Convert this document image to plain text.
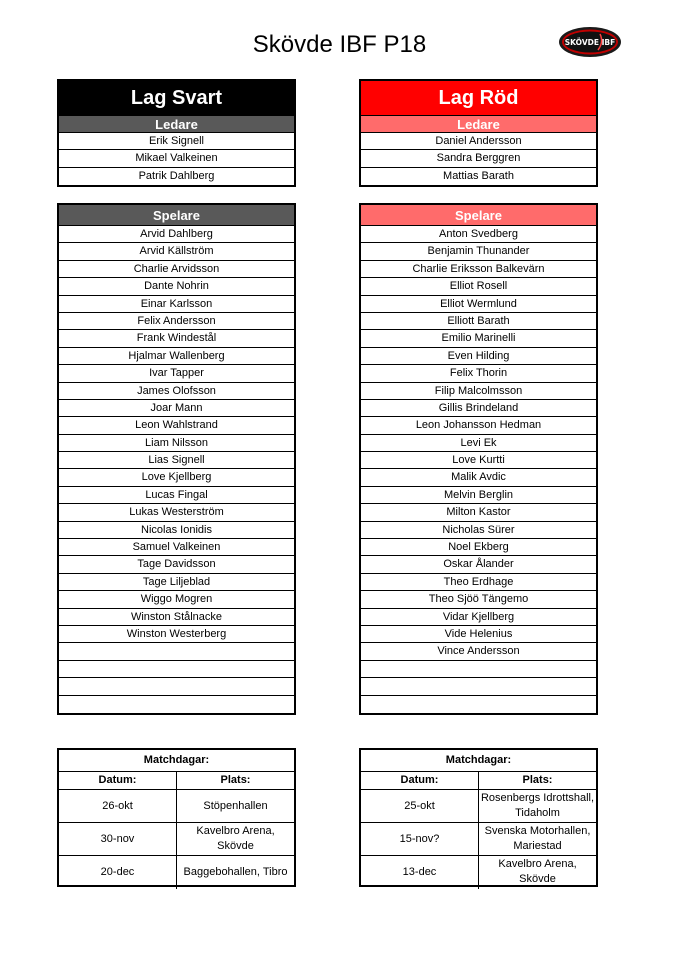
Skövde IBF P18	SKÖVDE IBF
Lag Svart
Ledare
Erik Signell
Mikael Valkeinen
Patrik Dahlberg
Spelare
Arvid Dahlberg
Arvid Källström
Charlie Arvidsson
Dante Nohrin
Einar Karlsson
Felix Andersson
Frank Windestål
Hjalmar Wallenberg
Ivar Tapper
James Olofsson
Joar Mann
Leon Wahlstrand
Liam Nilsson
Lias Signell
Love Kjellberg
Lucas Fingal
Lukas Westerström
Nicolas Ionidis
Samuel Valkeinen
Tage Davidsson
Tage Liljeblad
Wiggo Mogren
Winston Stålnacke
Winston Westerberg
Matchdagar:	
Datum:	Plats:
26-okt	Stöpenhallen
30-nov	Kavelbro Arena, Skövde
20-dec	Baggebohallen, Tibro
Lag Röd
Ledare
Daniel Andersson
Sandra Berggren
Mattias Barath
Spelare
Anton Svedberg
Benjamin Thunander
Charlie Eriksson Balkevärn
Elliot Rosell
Elliot Wermlund
Elliott Barath
Emilio Marinelli
Even Hilding
Felix Thorin
Filip Malcolmsson
Gillis Brindeland
Leon Johansson Hedman
Levi Ek
Love Kurtti
Malik Avdic
Melvin Berglin
Milton Kastor
Nicholas Sürer
Noel Ekberg
Oskar Ålander
Theo Erdhage
Theo Sjöö Tängemo
Vidar Kjellberg
Vide Helenius
Vince Andersson
Matchdagar:	
Datum:	Plats:
25-okt	Rosenbergs Idrottshall, Tidaholm
15-nov?	Svenska Motorhallen, Mariestad
13-dec	Kavelbro Arena, Skövde
